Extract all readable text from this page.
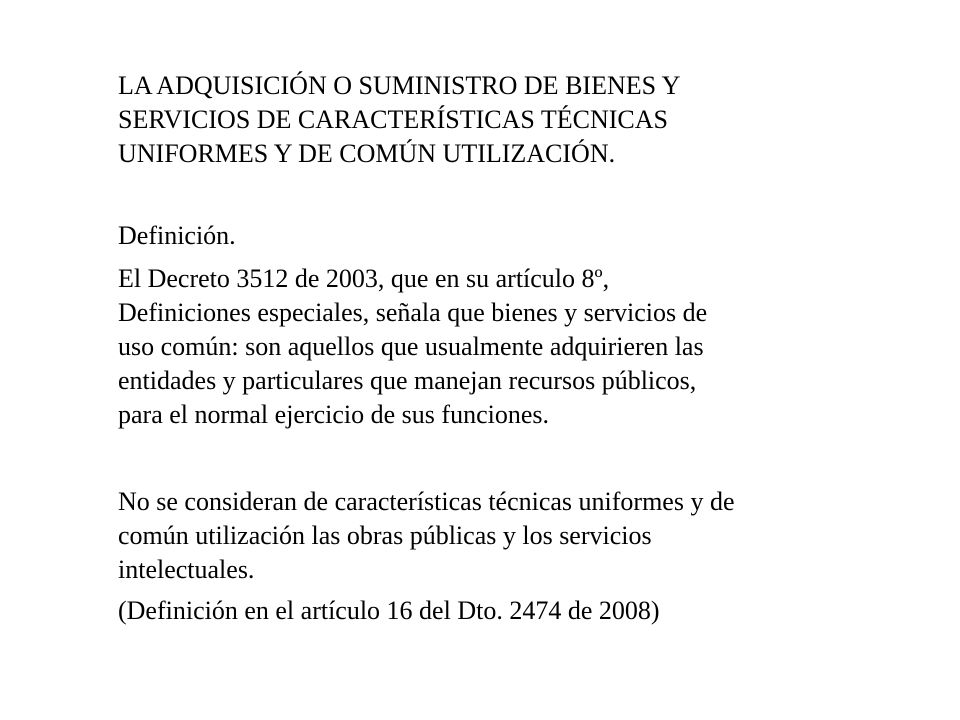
LA ADQUISICIÓN O SUMINISTRO DE BIENES Y
SERVICIOS DE CARACTERÍSTICAS TÉCNICAS
UNIFORMES Y DE COMÚN UTILIZACIÓN.

Definición.

El Decreto 3512 de 2003, que en su artículo 8º,
Definiciones especiales, señala que bienes y servicios de
uso común: son aquellos que usualmente adquirieren las
entidades y particulares que manejan recursos públicos,
para el normal ejercicio de sus funciones.

No se consideran de características técnicas uniformes y de
común utilización las obras públicas y los servicios
intelectuales.

(Definición en el artículo 16 del Dto. 2474 de 2008)
